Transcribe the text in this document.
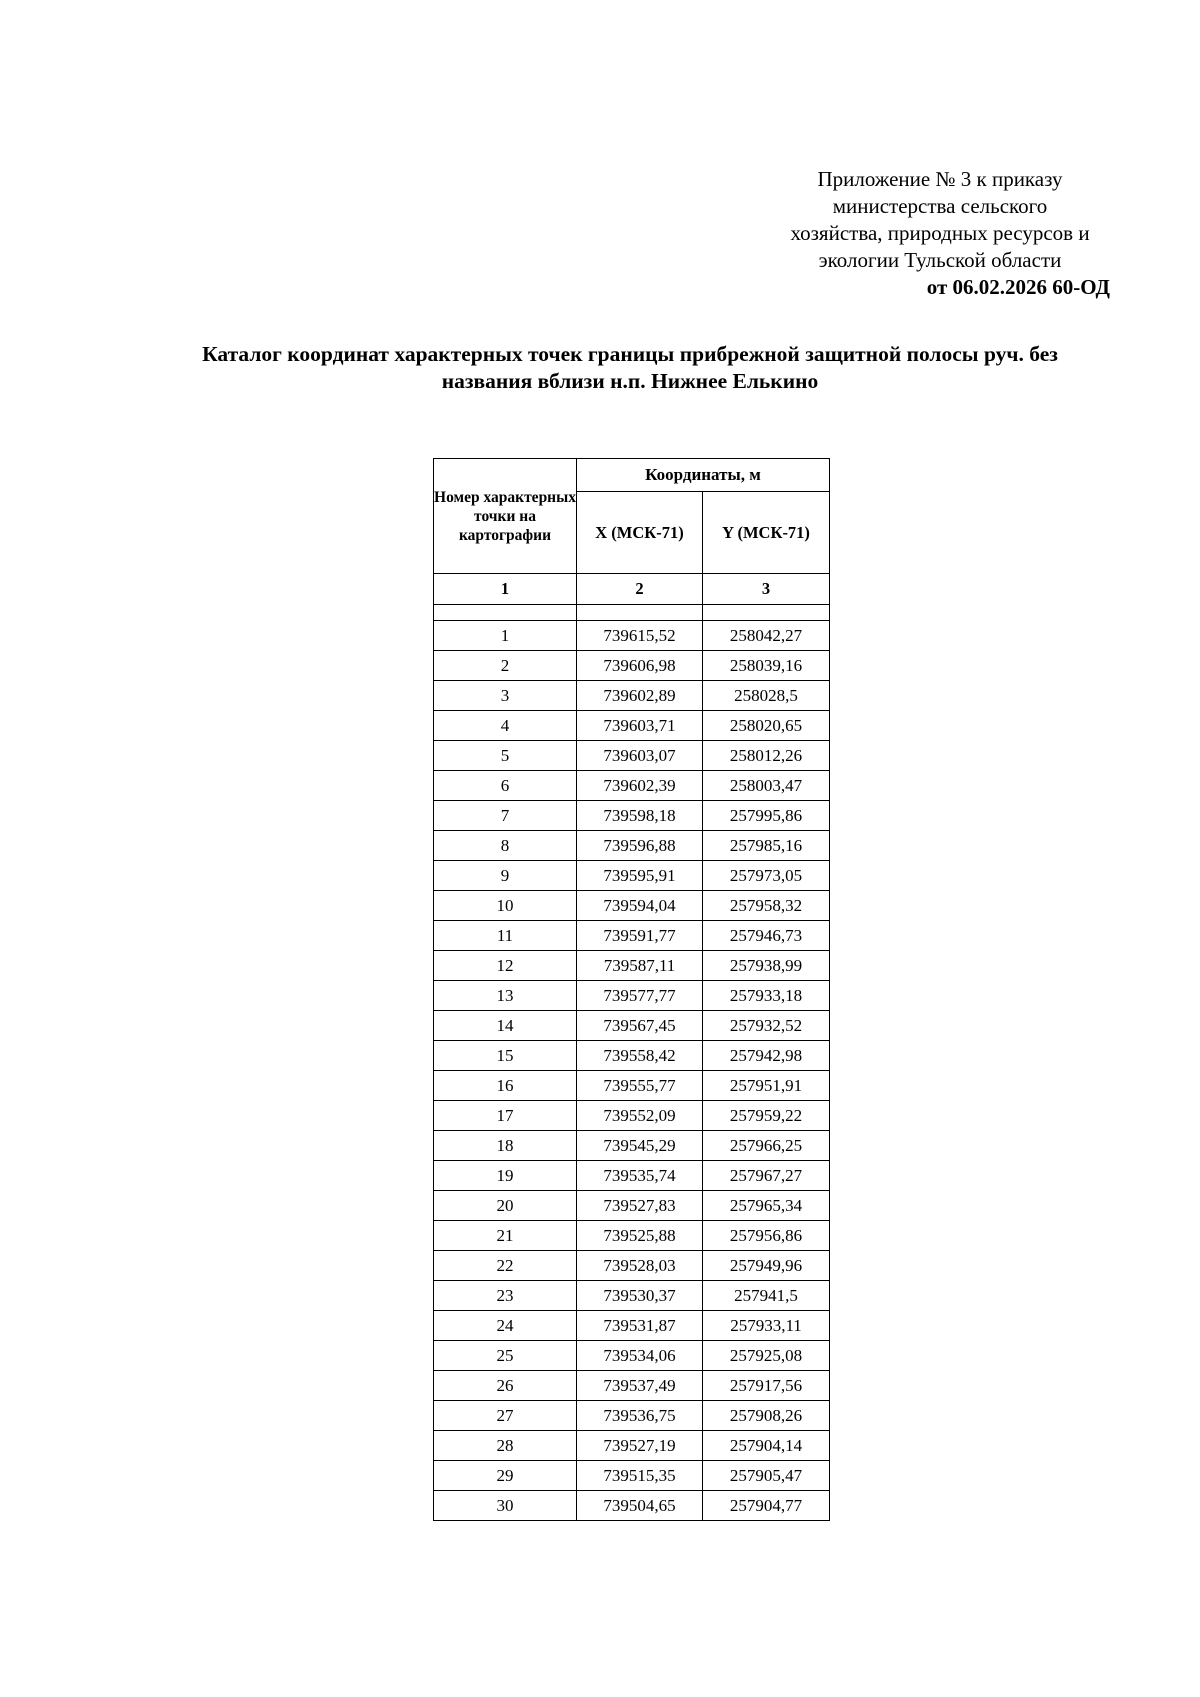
Приложение № 3 к приказу
министерства сельского
хозяйства, природных ресурсов и
экологии Тульской области
от 06.02.2026 60-ОД
Каталог координат характерных точек границы прибрежной защитной полосы руч. без
названия вблизи н.п. Нижнее Елькино
Номер характерных точки на картографии	Координаты, м	
	X (МСК-71)	Y (МСК-71)
1	2	3

1	739615,52	258042,27
2	739606,98	258039,16
3	739602,89	258028,5
4	739603,71	258020,65
5	739603,07	258012,26
6	739602,39	258003,47
7	739598,18	257995,86
8	739596,88	257985,16
9	739595,91	257973,05
10	739594,04	257958,32
11	739591,77	257946,73
12	739587,11	257938,99
13	739577,77	257933,18
14	739567,45	257932,52
15	739558,42	257942,98
16	739555,77	257951,91
17	739552,09	257959,22
18	739545,29	257966,25
19	739535,74	257967,27
20	739527,83	257965,34
21	739525,88	257956,86
22	739528,03	257949,96
23	739530,37	257941,5
24	739531,87	257933,11
25	739534,06	257925,08
26	739537,49	257917,56
27	739536,75	257908,26
28	739527,19	257904,14
29	739515,35	257905,47
30	739504,65	257904,77
